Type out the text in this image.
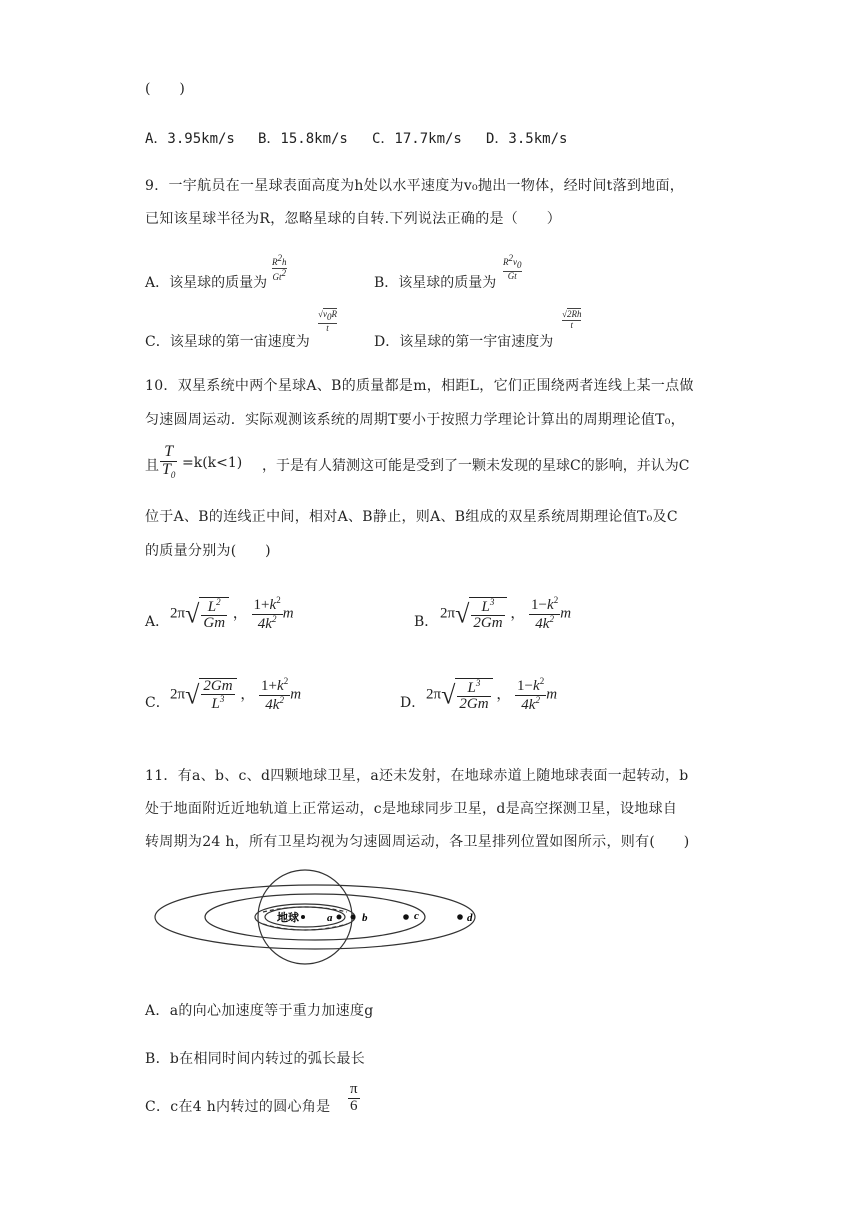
(　　)
A．3.95km/s B．15.8km/s C．17.7km/s D．3.5km/s
9．一宇航员在一星球表面高度为h处以水平速度为v₀抛出一物体，经时间t落到地面，
已知该星球半径为R，忽略星球的自转.下列说法正确的是（　　）
A．该星球的质量为
$R^2h$
Gt$^2$
B．该星球的质量为
$R^2v_0$
Gt
C．该星球的第一宙速度为
$√v_0R$
t
D．该星球的第一宇宙速度为
√2Rh
t
10．双星系统中两个星球A、B的质量都是m，相距L，它们正围绕两者连线上某一点做
匀速圆周运动．实际观测该系统的周期T要小于按照力学理论计算出的周期理论值T₀，
且 $\frac{T}{T_0} =k(k<1)$ ，于是有人猜测这可能是受到了一颗未发现的星球C的影响，并认为C
位于A、B的连线正中间，相对A、B静止，则A、B组成的双星系统周期理论值T₀及C
的质量分别为(　　)
A．
$2\pi√ \frac{L^2}{Gm}$ ， $\frac{1+k^2}{4k^2}$ m
B．
$2\pi√ \frac{L^3}{2Gm}$ ， $\frac{1-k^2}{4k^2}$ m
C．
$2\pi√ \frac{2Gm}{L^3}$ ， $\frac{1+k^2}{4k^2}$ m
D．
$2\pi√ \frac{L^3}{2Gm}$ ， $\frac{1-k^2}{4k^2}$ m
11．有a、b、c、d四颗地球卫星，a还未发射，在地球赤道上随地球表面一起转动，b
处于地面附近近地轨道上正常运动，c是地球同步卫星，d是高空探测卫星，设地球自
转周期为24 h，所有卫星均视为匀速圆周运动，各卫星排列位置如图所示，则有(　　)
地球	a	b	c	d
A．a的向心加速度等于重力加速度g
B．b在相同时间内转过的弧长最长
C．c在4 h内转过的圆心角是 $\frac{\pi}{6}$
